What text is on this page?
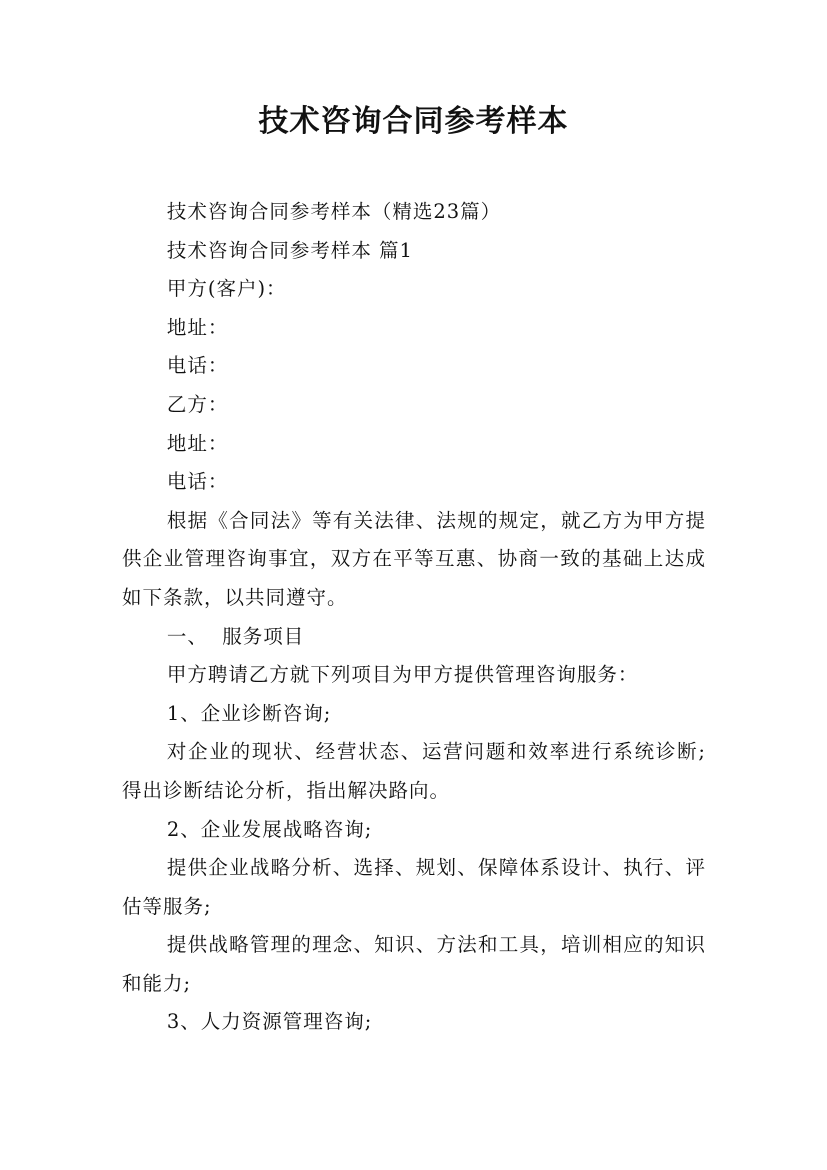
技术咨询合同参考样本

技术咨询合同参考样本（精选23篇）

技术咨询合同参考样本 篇1

甲方(客户)：

地址：

电话：

乙方：

地址：

电话：

根据《合同法》等有关法律、法规的规定，就乙方为甲方提供企业管理咨询事宜，双方在平等互惠、协商一致的基础上达成如下条款，以共同遵守。

一、  服务项目

甲方聘请乙方就下列项目为甲方提供管理咨询服务：

1、企业诊断咨询;

对企业的现状、经营状态、运营问题和效率进行系统诊断;得出诊断结论分析，指出解决路向。

2、企业发展战略咨询;

提供企业战略分析、选择、规划、保障体系设计、执行、评估等服务;

提供战略管理的理念、知识、方法和工具，培训相应的知识和能力;

3、人力资源管理咨询;
